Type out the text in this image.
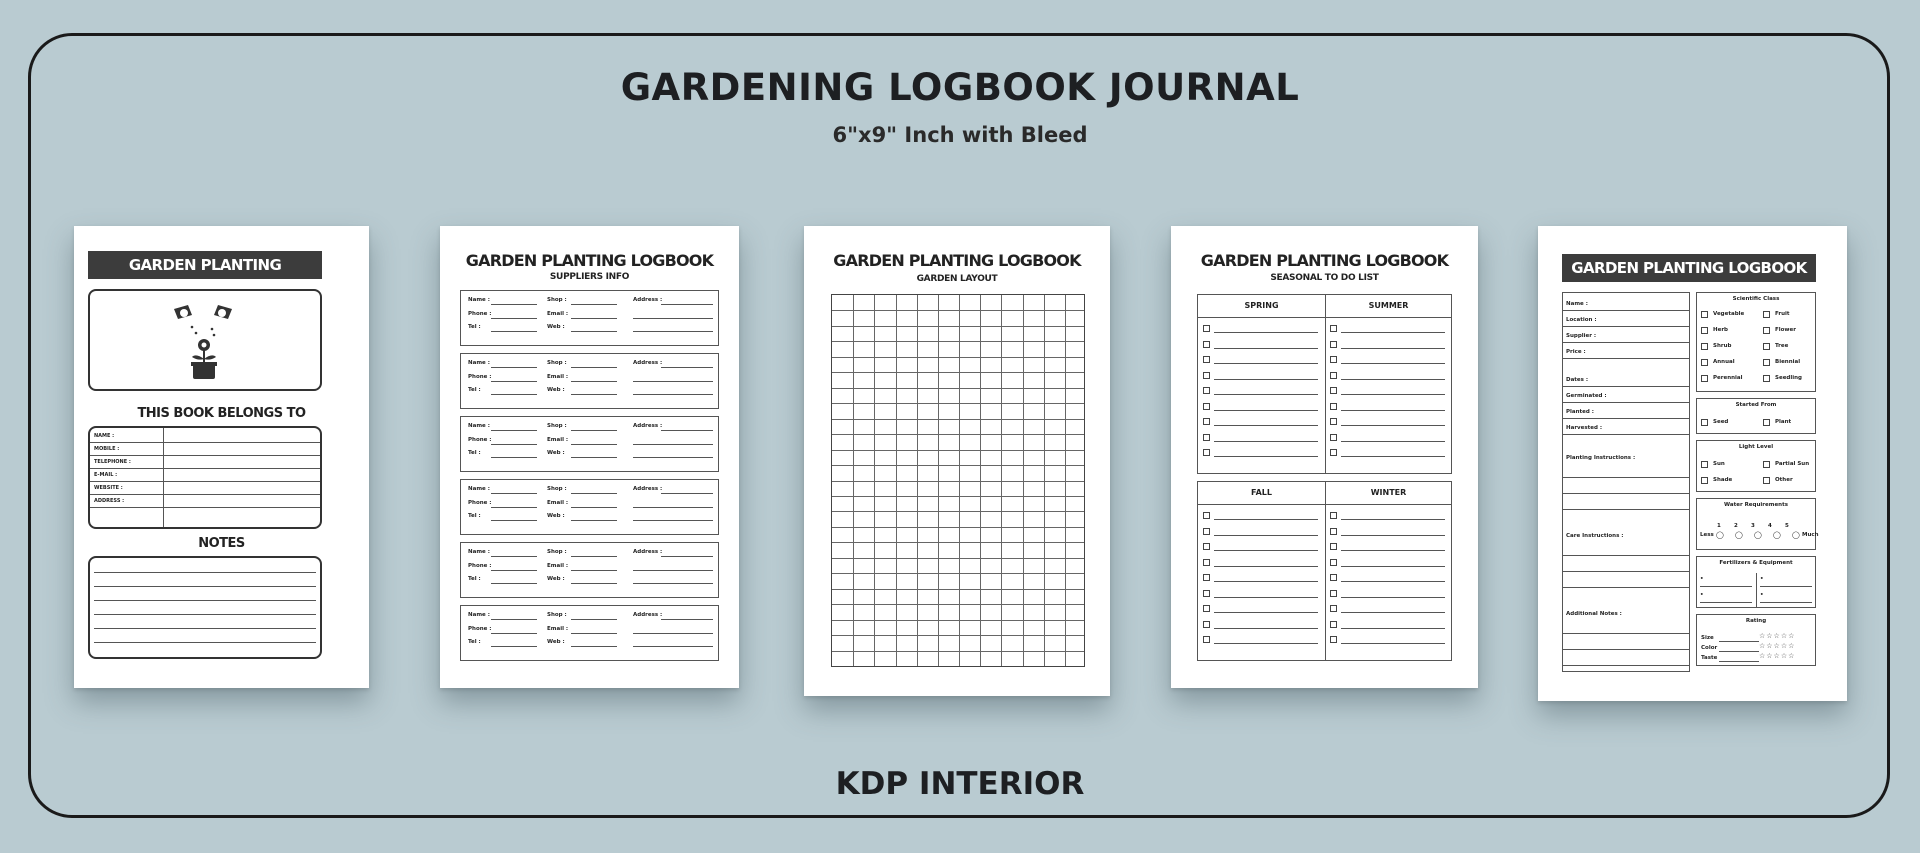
GARDENING LOGBOOK JOURNAL
6"x9" Inch with Bleed
KDP INTERIOR
GARDEN PLANTING LOGBOOK
THIS BOOK BELONGS TO
NAME :
MOBILE :
TELEPHONE :
E-MAIL :
WEBSITE :
ADDRESS :
NOTES
GARDEN PLANTING LOGBOOK
SUPPLIERS INFO
Name :	Shop :	Address :
Phone :	Email :
Tel :	Web :
Name :	Shop :	Address :
Phone :	Email :
Tel :	Web :
Name :	Shop :	Address :
Phone :	Email :
Tel :	Web :
Name :	Shop :	Address :
Phone :	Email :
Tel :	Web :
Name :	Shop :	Address :
Phone :	Email :
Tel :	Web :
Name :	Shop :	Address :
Phone :	Email :
Tel :	Web :
GARDEN PLANTING LOGBOOK
GARDEN LAYOUT
GARDEN PLANTING LOGBOOK
SEASONAL TO DO LIST
SPRING	SUMMER
FALL	WINTER
GARDEN PLANTING LOGBOOK
Name :
Location :
Supplier :
Price :
Dates :
Germinated :
Planted :
Harvested :
Planting Instructions :
Care Instructions :
Additional Notes :
Scientific Class
Vegetable	Fruit
Herb	Flower
Shrub	Tree
Annual	Biennial
Perennial	Seedling
Started From
Seed	Plant
Light Level
Sun	Partial Sun
Shade	Other
Water Requirements
Less
1 2 3 4 5
Much
◯ ◯ ◯ ◯ ◯
Fertilizers & Equipment
•	•
•	•
Rating
Size	☆☆☆☆☆
Color	☆☆☆☆☆
Taste	☆☆☆☆☆
